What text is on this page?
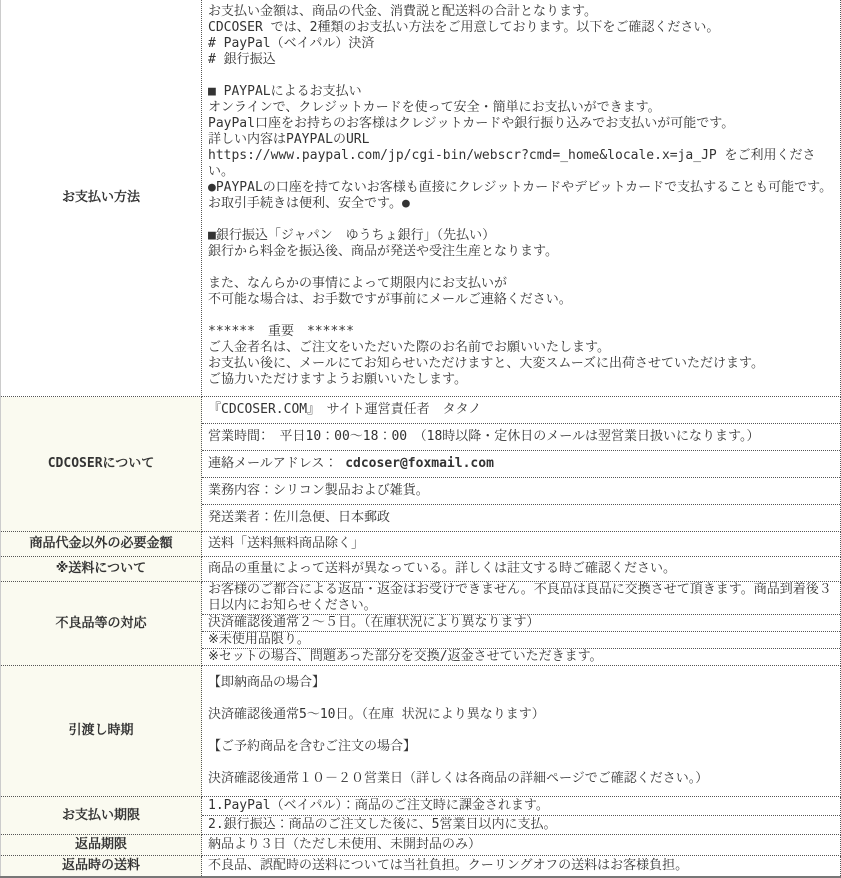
お支払い方法	
お支払い金額は、商品の代金、消費説と配送料の合計となります。
CDCOSER では、2種類のお支払い方法をご用意しております。以下をご確認ください。
# PayPal（ベイパル）決済
# 銀行振込

■ PAYPALによるお支払い
オンラインで、クレジットカードを使って安全・簡単にお支払いができます。
PayPal口座をお持ちのお客様はクレジットカードや銀行振り込みでお支払いが可能です。
詳しい内容はPAYPALのURL
https://www.paypal.com/jp/cgi-bin/webscr?cmd=_home&locale.x=ja_JP をご利用ください。
●PAYPALの口座を持てないお客様も直接にクレジットカードやデビットカードで支払することも可能です。
お取引手続きは便利、安全です。●

■銀行振込「ジャパン　ゆうちょ銀行」（先払い）
銀行から料金を振込後、商品が発送や受注生産となります。

また、なんらかの事情によって期限内にお支払いが
不可能な場合は、お手数ですが事前にメールご連絡ください。

******　重要　******
ご入金者名は、ご注文をいただいた際のお名前でお願いいたします。
お支払い後に、メールにてお知らせいただけますと、大変スムーズに出荷させていただけます。
ご協力いただけますようお願いいたします。

CDCOSERについて	『CDCOSER.COM』　サイト運営責任者　タタノ
営業時間：　平日10：00～18：00　（18時以降・定休日のメールは翌営業日扱いになります。）
連絡メールアドレス： cdcoser@foxmail.com
業務内容：シリコン製品および雑貨。
発送業者：佐川急便、日本郵政

商品代金以外の必要金額	送料「送料無料商品除く」

※送料について	商品の重量によって送料が異なっている。詳しくは註文する時ご確認ください。

不良品等の対応	お客様のご都合による返品・返金はお受けできません。不良品は良品に交換させて頂きます。商品到着後３日以内にお知らせください。
決済確認後通常２～５日。（在庫状況により異なります）
※未使用品限り。
※セットの場合、問題あった部分を交換/返金させていただきます。

引渡し時期	【即納商品の場合】

決済確認後通常5～10日。（在庫 状況により異なります）

【ご予約商品を含むご注文の場合】

決済確認後通常１０－２０営業日（詳しくは各商品の詳細ページでご確認ください。）

お支払い期限	1.PayPal（ベイパル）：商品のご注文時に課金されます。
2.銀行振込：商品のご注文した後に、5営業日以内に支払。

返品期限	納品より３日（ただし未使用、未開封品のみ）

返品時の送料	不良品、誤配時の送料については当社負担。クーリングオフの送料はお客様負担。
